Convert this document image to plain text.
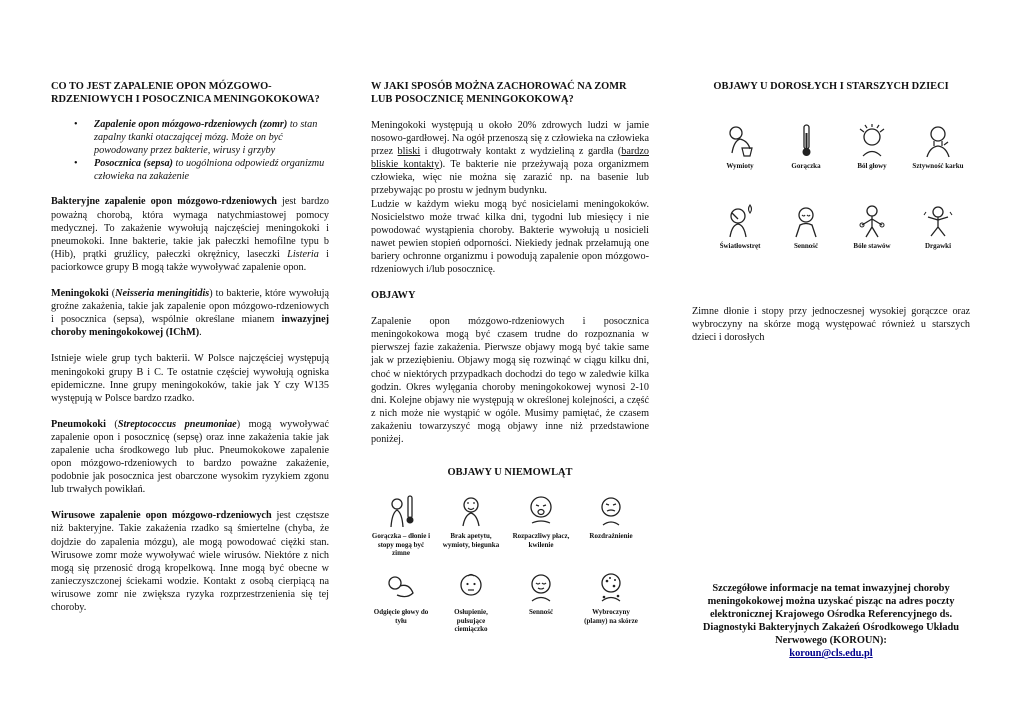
CO TO JEST ZAPALENIE OPON MÓZGOWO-RDZENIOWYCH I POSOCZNICA MENINGOKOKOWA?
• Zapalenie opon mózgowo-rdzeniowych (zomr) to stan zapalny tkanki otaczającej mózg. Może on być powodowany przez bakterie, wirusy i grzyby
• Posocznica (sepsa) to uogólniona odpowiedź organizmu człowieka na zakażenie

Bakteryjne zapalenie opon mózgowo-rdzeniowych jest bardzo poważną chorobą, która wymaga natychmiastowej pomocy medycznej. To zakażenie wywołują najczęściej meningokoki i pneumokoki. Inne bakterie, takie jak pałeczki hemofilne typu b (Hib), prątki gruźlicy, pałeczki okrężnicy, laseczki Listeria i paciorkowce grupy B mogą także wywoływać zapalenie opon.

Meningokoki (Neisseria meningitidis) to bakterie, które wywołują groźne zakażenia, takie jak zapalenie opon mózgowo-rdzeniowych i posocznica (sepsa), wspólnie określane mianem inwazyjnej choroby meningokokowej (IChM).

Istnieje wiele grup tych bakterii. W Polsce najczęściej występują meningokoki grupy B i C. Te ostatnie częściej wywołują ogniska epidemiczne. Inne grupy meningokoków, takie jak Y czy W135 występują w Polsce bardzo rzadko.

Pneumokoki (Streptococcus pneumoniae) mogą wywoływać zapalenie opon i posocznicę (sepsę) oraz inne zakażenia takie jak zapalenie ucha środkowego lub płuc. Pneumokokowe zapalenie opon mózgowo-rdzeniowych to bardzo poważne zakażenie, podobnie jak posocznica jest obarczone wysokim ryzykiem zgonu lub trwałych powikłań.

Wirusowe zapalenie opon mózgowo-rdzeniowych jest częstsze niż bakteryjne. Takie zakażenia rzadko są śmiertelne (chyba, że dojdzie do zapalenia mózgu), ale mogą powodować ciężki stan. Wirusowe zomr może wywoływać wiele wirusów. Niektóre z nich mogą się przenosić drogą kropelkową. Inne mogą być obecne w zanieczyszczonej ściekami wodzie. Kontakt z osobą cierpiącą na wirusowe zomr nie zwiększa ryzyka rozprzestrzenienia się tej choroby.

W JAKI SPOSÓB MOŻNA ZACHOROWAĆ NA ZOMR LUB POSOCZNICĘ MENINGOKOKOWĄ?

Meningokoki występują u około 20% zdrowych ludzi w jamie nosowo-gardłowej. Na ogół przenoszą się z człowieka na człowieka przez bliski i długotrwały kontakt z wydzieliną z gardła (bardzo bliskie kontakty). Te bakterie nie przeżywają poza organizmem człowieka, więc nie można się zarazić np. na basenie lub przebywając po prostu w jednym budynku.

Ludzie w każdym wieku mogą być nosicielami meningokoków. Nosicielstwo może trwać kilka dni, tygodni lub miesięcy i nie powodować wystąpienia choroby. Bakterie wywołują u nosicieli nawet pewien stopień odporności. Niekiedy jednak przełamują one bariery ochronne organizmu i powodują zapalenie opon mózgowo-rdzeniowych i/lub posocznicę.

OBJAWY

Zapalenie opon mózgowo-rdzeniowych i posocznica meningokokowa mogą być czasem trudne do rozpoznania w pierwszej fazie zakażenia. Pierwsze objawy mogą być takie same jak w przeziębieniu. Objawy mogą się rozwinąć w ciągu kilku dni, choć w niektórych przypadkach dochodzi do tego w zaledwie kilka godzin. Okres wylęgania choroby meningokokowej wynosi 2-10 dni. Kolejne objawy nie występują w określonej kolejności, a część z nich może nie wystąpić w ogóle. Musimy pamiętać, że czasem zakażeniu towarzyszyć mogą objawy inne niż przedstawione poniżej.

OBJAWY U NIEMOWLĄT
Gorączka – dłonie i stopy mogą być zimne
Brak apetytu, wymioty, biegunka
Rozpaczliwy płacz, kwilenie
Rozdrażnienie
Odgięcie głowy do tyłu
Osłupienie, pulsujące ciemiączko
Senność	Wybroczyny (plamy) na skórze
OBJAWY U DOROSŁYCH I STARSZYCH DZIECI
Wymioty	Gorączka	Ból głowy	Sztywność karku
Światłowstręt	Senność	Bóle stawów	Drgawki

Zimne dłonie i stopy przy jednoczesnej wysokiej gorączce oraz wybroczyny na skórze mogą występować również u starszych dzieci i dorosłych

Szczegółowe informacje na temat inwazyjnej choroby meningokokowej można uzyskać pisząc na adres poczty elektronicznej Krajowego Ośrodka Referencyjnego ds. Diagnostyki Bakteryjnych Zakażeń Ośrodkowego Układu Nerwowego (KOROUN):
koroun@cls.edu.pl
